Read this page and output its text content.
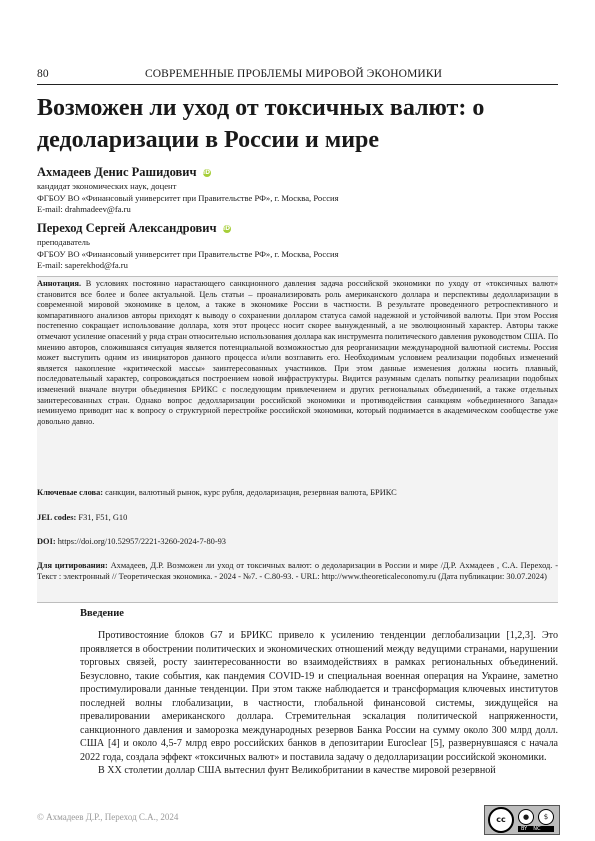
80	СОВРЕМЕННЫЕ ПРОБЛЕМЫ МИРОВОЙ ЭКОНОМИКИ
Возможен ли уход от токсичных валют: о дедоларизации в России и мире
Ахмадеев Денис Рашидович iD
кандидат экономических наук, доцент
ФГБОУ ВО «Финансовый университет при Правительстве РФ», г. Москва, Россия
E-mail: drahmadeev@fa.ru
Переход Сергей Александрович iD
преподаватель
ФГБОУ ВО «Финансовый университет при Правительстве РФ», г. Москва, Россия
E-mail: saperekhod@fa.ru

Аннотация. В условиях постоянно нарастающего санкционного давления задача российской экономики по уходу от «токсичных валют» становится все более и более актуальной. Цель статьи – проанализировать роль американского доллара и перспективы дедолларизации в современной мировой экономике в целом, а также в экономике России в частности. В результате проведенного ретроспективного и компаративного анализов авторы приходят к выводу о сохранении долларом статуса самой надежной и устойчивой валюты. При этом Россия постепенно сокращает использование доллара, хотя этот процесс носит скорее вынужденный, а не эволюционный характер. Авторы также отмечают усиление опасений у ряда стран относительно использования доллара как инструмента политического давления руководством США. По мнению авторов, сложившаяся ситуация является потенциальной возможностью для реорганизации международной валютной системы. Россия может выступить одним из инициаторов данного процесса и/или возглавить его. Необходимым условием реализации подобных изменений является накопление «критической массы» заинтересованных участников. При этом данные изменения должны носить плавный, последовательный характер, сопровождаться построением новой инфраструктуры. Видится разумным сделать попытку реализации подобных изменений вначале внутри объединения БРИКС с последующим привлечением и других региональных объединений, а также отдельных заинтересованных стран. Однако вопрос дедолларизации российской экономики и противодействия санкциям «объединенного Запада» неминуемо приводит нас к вопросу о структурной перестройке российской экономики, который поднимается в академическом сообществе уже довольно давно.

Ключевые слова: санкции, валютный рынок, курс рубля, дедоларизация, резервная валюта, БРИКС

JEL codes: F31, F51, G10

DOI: https://doi.org/10.52957/2221-3260-2024-7-80-93

Для цитирования: Ахмадеев, Д.Р. Возможен ли уход от токсичных валют: о дедоларизации в России и мире /Д.Р. Ахмадеев , С.А. Переход. - Текст : электронный // Теоретическая экономика. - 2024 - №7. - С.80-93. - URL: http://www.theoreticaleconomy.ru (Дата публикации: 30.07.2024)

Введение

Противостояние блоков G7 и БРИКС привело к усилению тенденции деглобализации [1,2,3]. Это проявляется в обострении политических и экономических отношений между ведущими странами, нарушении торговых связей, росту заинтересованности во взаимодействиях в рамках региональных объединений. Безусловно, такие события, как пандемия COVID-19 и специальная военная операция на Украине, заметно простимулировали данные тенденции. При этом также наблюдается и трансформация ключевых институтов последней волны глобализации, в частности, глобальной финансовой системы, зиждущейся на превалировании американского доллара. Стремительная эскалация политической напряженности, санкционного давления и заморозка международных резервов Банка России на сумму около 300 млрд долл. США [4] и около 4,5-7 млрд евро российских банков в депозитарии Euroclear [5], развернувшаяся с начала 2022 года, создала эффект «токсичных валют» и поставила задачу о дедолларизации российской экономики.

В XX столетии доллар США вытеснил фунт Великобритании в качестве мировой резервной

© Ахмадеев Д.Р., Переход С.А., 2024	cc	●	$
BY NC
